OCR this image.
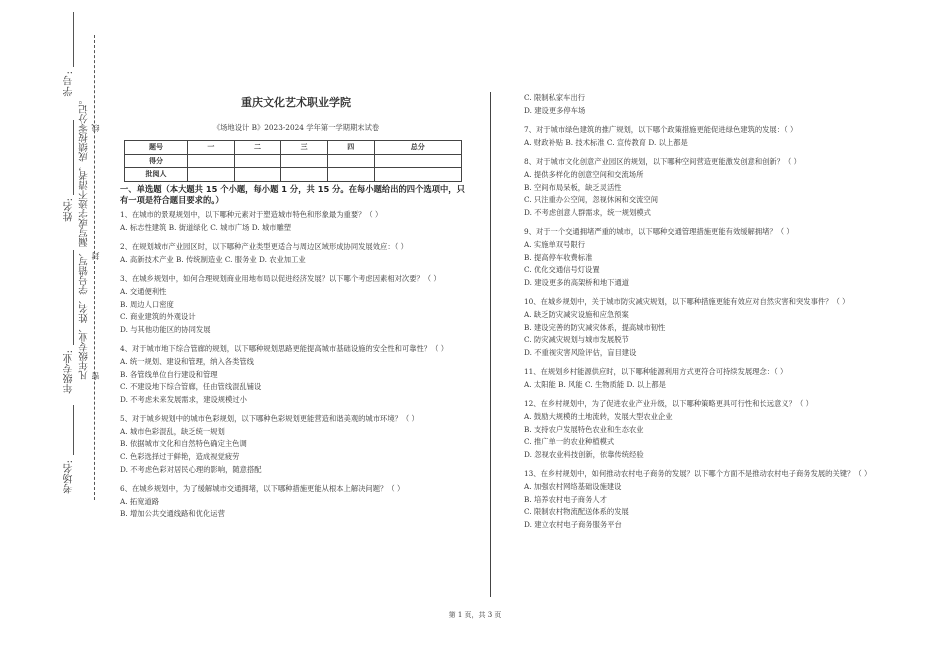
学号:
姓名:
年级专业:
考场名:
凡年级专业、姓名、学号错写、漏写或字迹不清者，成绩按零分记。 线
封
密
重庆文化艺术职业学院
《场地设计 B》2023-2024 学年第一学期期末试卷
题号	一	二	三	四	总分
得分					
批阅人					
一、单选题（本大题共 15 个小题，每小题 1 分，共 15 分。在每小题给出的四个选项中，只有一项是符合题目要求的。）
1、在城市的景观规划中，以下哪种元素对于塑造城市特色和形象最为重要？（ ）
A. 标志性建筑 B. 街道绿化 C. 城市广场 D. 城市雕塑
2、在规划城市产业园区时，以下哪种产业类型更适合与周边区域形成协同发展效应：（ ）
A. 高新技术产业 B. 传统制造业 C. 服务业 D. 农业加工业
3、在城乡规划中，如何合理规划商业用地布局以促进经济发展？以下哪个考虑因素相对次要？（ ）
A. 交通便利性
B. 周边人口密度
C. 商业建筑的外观设计
D. 与其他功能区的协同发展
4、对于城市地下综合管廊的规划，以下哪种规划思路更能提高城市基础设施的安全性和可靠性？（ ）
A. 统一规划、建设和管理，纳入各类管线
B. 各管线单位自行建设和管理
C. 不建设地下综合管廊，任由管线混乱铺设
D. 不考虑未来发展需求，建设规模过小
5、对于城乡规划中的城市色彩规划，以下哪种色彩规划更能营造和谐美观的城市环境？（ ）
A. 城市色彩混乱，缺乏统一规划
B. 依据城市文化和自然特色确定主色调
C. 色彩选择过于鲜艳，造成视觉疲劳
D. 不考虑色彩对居民心理的影响，随意搭配
6、在城乡规划中，为了缓解城市交通拥堵，以下哪种措施更能从根本上解决问题？（ ）
A. 拓宽道路
B. 增加公共交通线路和优化运营
C. 限制私家车出行
D. 建设更多停车场
7、对于城市绿色建筑的推广规划，以下哪个政策措施更能促进绿色建筑的发展：（ ）
A. 财政补贴 B. 技术标准 C. 宣传教育 D. 以上都是
8、对于城市文化创意产业园区的规划，以下哪种空间营造更能激发创意和创新？（ ）
A. 提供多样化的创意空间和交流场所
B. 空间布局呆板，缺乏灵活性
C. 只注重办公空间，忽视休闲和交流空间
D. 不考虑创意人群需求，统一规划模式
9、对于一个交通拥堵严重的城市，以下哪种交通管理措施更能有效缓解拥堵？（ ）
A. 实施单双号限行
B. 提高停车收费标准
C. 优化交通信号灯设置
D. 建设更多的高架桥和地下通道
10、在城乡规划中，关于城市防灾减灾规划，以下哪种措施更能有效应对自然灾害和突发事件？（ ）
A. 缺乏防灾减灾设施和应急预案
B. 建设完善的防灾减灾体系，提高城市韧性
C. 防灾减灾规划与城市发展脱节
D. 不重视灾害风险评估，盲目建设
11、在规划乡村能源供应时，以下哪种能源利用方式更符合可持续发展理念：（ ）
A. 太阳能 B. 风能 C. 生物质能 D. 以上都是
12、在乡村规划中，为了促进农业产业升级，以下哪种策略更具可行性和长远意义？（ ）
A. 鼓励大规模的土地流转，发展大型农业企业
B. 支持农户发展特色农业和生态农业
C. 推广单一的农业种植模式
D. 忽视农业科技创新，依靠传统经验
13、在乡村规划中，如何推动农村电子商务的发展？以下哪个方面不是推动农村电子商务发展的关键？（ ）
A. 加强农村网络基础设施建设
B. 培养农村电子商务人才
C. 限制农村物流配送体系的发展
D. 建立农村电子商务服务平台
第 1 页，共 3 页
